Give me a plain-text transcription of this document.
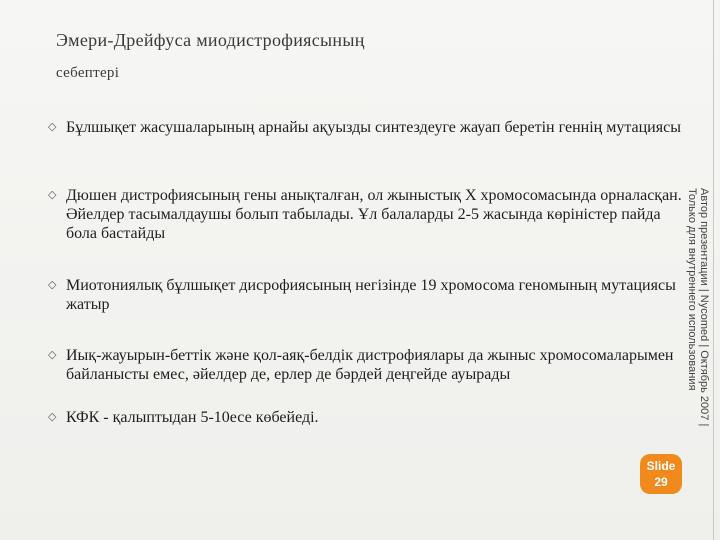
Эмери-Дрейфуса миодистрофиясының
себептері
◇ Бұлшықет жасушаларының арнайы ақуызды синтездеуге жауап беретін геннің мутациясы
◇ Дюшен дистрофиясының гены анықталған, ол жыныстық Х хромосомасында орналасқан. Әйелдер тасымалдаушы болып табылады. Ұл балаларды 2-5 жасында көріністер пайда бола бастайды
◇ Миотониялық бұлшықет дисрофиясының негізінде 19 хромосома геномының мутациясы жатыр
◇ Иық-жауырын-беттік және қол-аяқ-белдік дистрофиялары да жыныс хромосомаларымен байланысты емес, әйелдер де, ерлер де бәрдей деңгейде ауырады
◇ КФК - қалыптыдан 5-10есе көбейеді.	Автор презентации | Nycomed | Октябрь 2007 | Только для внутреннего использования
Slide
29
